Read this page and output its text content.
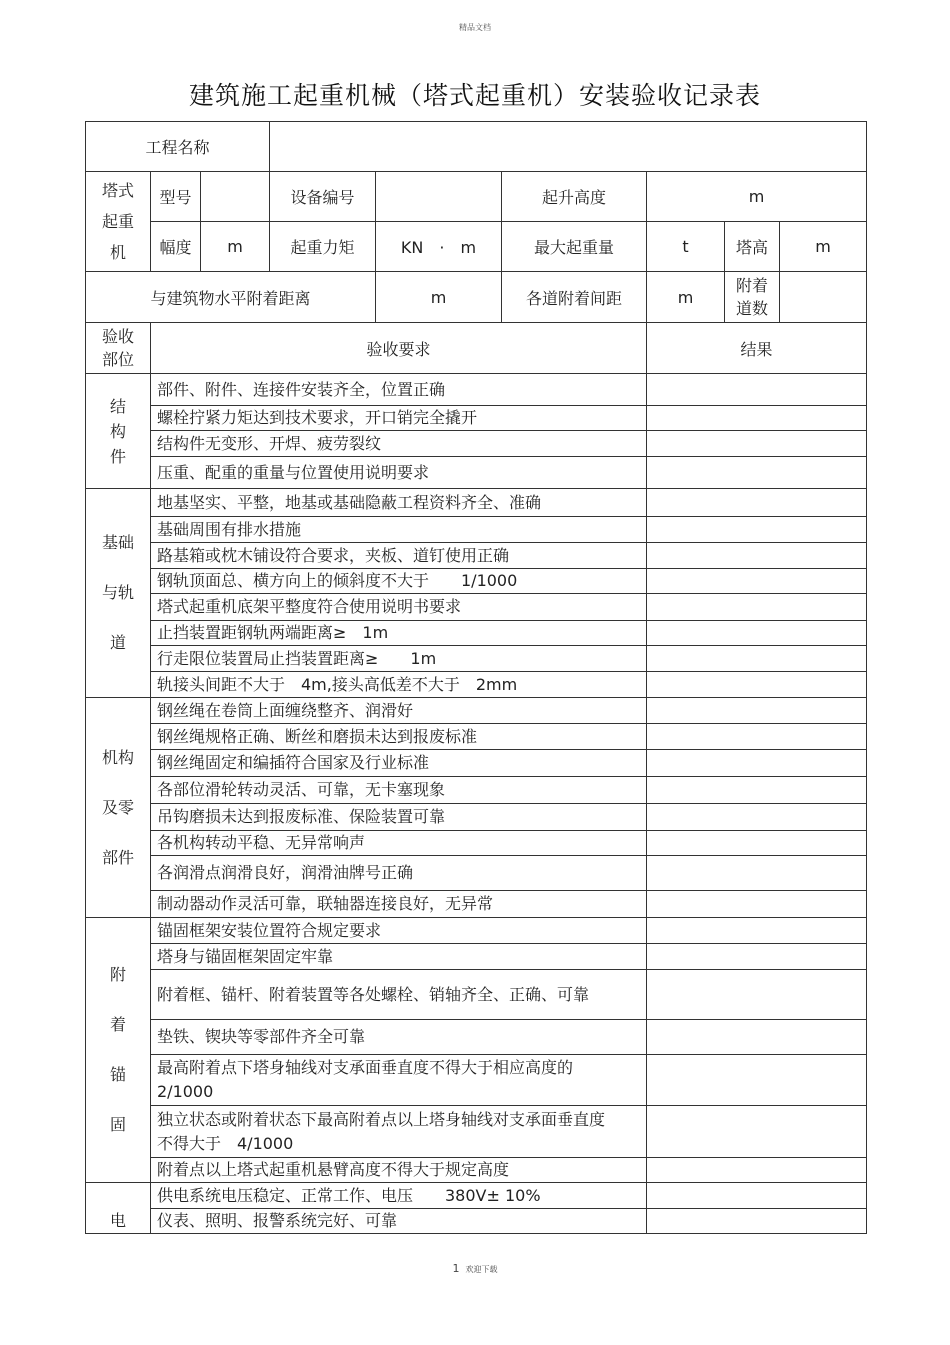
精品文档
建筑施工起重机械（塔式起重机）安装验收记录表
工程名称								
塔式起重机	型号		设备编号		起升高度	m		
	幅度	m	起重力矩	KN　·　m	最大起重量	t	塔高	m
与建筑物水平附着距离				m	各道附着间距	m	附着道数	
验收部位	验收要求					结果		
结构件	部件、附件、连接件安装齐全，位置正确							
	螺栓拧紧力矩达到技术要求，开口销完全撬开							
	结构件无变形、开焊、疲劳裂纹							
	压重、配重的重量与位置使用说明要求							
基础与轨道	地基坚实、平整，地基或基础隐蔽工程资料齐全、准确							
	基础周围有排水措施							
	路基箱或枕木铺设符合要求，夹板、道钉使用正确							
	钢轨顶面总、横方向上的倾斜度不大于　　1/1000							
	塔式起重机底架平整度符合使用说明书要求							
	止挡装置距钢轨两端距离≥　1m							
	行走限位装置局止挡装置距离≥　　1m							
	轨接头间距不大于　4m,接头高低差不大于　2mm							
机构及零部件	钢丝绳在卷筒上面缠绕整齐、润滑好							
	钢丝绳规格正确、断丝和磨损未达到报废标准							
	钢丝绳固定和编插符合国家及行业标准							
	各部位滑轮转动灵活、可靠，无卡塞现象							
	吊钩磨损未达到报废标准、保险装置可靠							
	各机构转动平稳、无异常响声							
	各润滑点润滑良好，润滑油牌号正确							
	制动器动作灵活可靠，联轴器连接良好，无异常							
附着锚固	锚固框架安装位置符合规定要求							
	塔身与锚固框架固定牢靠							
	附着框、锚杆、附着装置等各处螺栓、销轴齐全、正确、可靠							
	垫铁、锲块等零部件齐全可靠							
	最高附着点下塔身轴线对支承面垂直度不得大于相应高度的 2/1000							
	独立状态或附着状态下最高附着点以上塔身轴线对支承面垂直度不得大于　4/1000							
	附着点以上塔式起重机悬臂高度不得大于规定高度							
电	供电系统电压稳定、正常工作、电压　　380V± 10%							
	仪表、照明、报警系统完好、可靠							
1 欢迎下载
